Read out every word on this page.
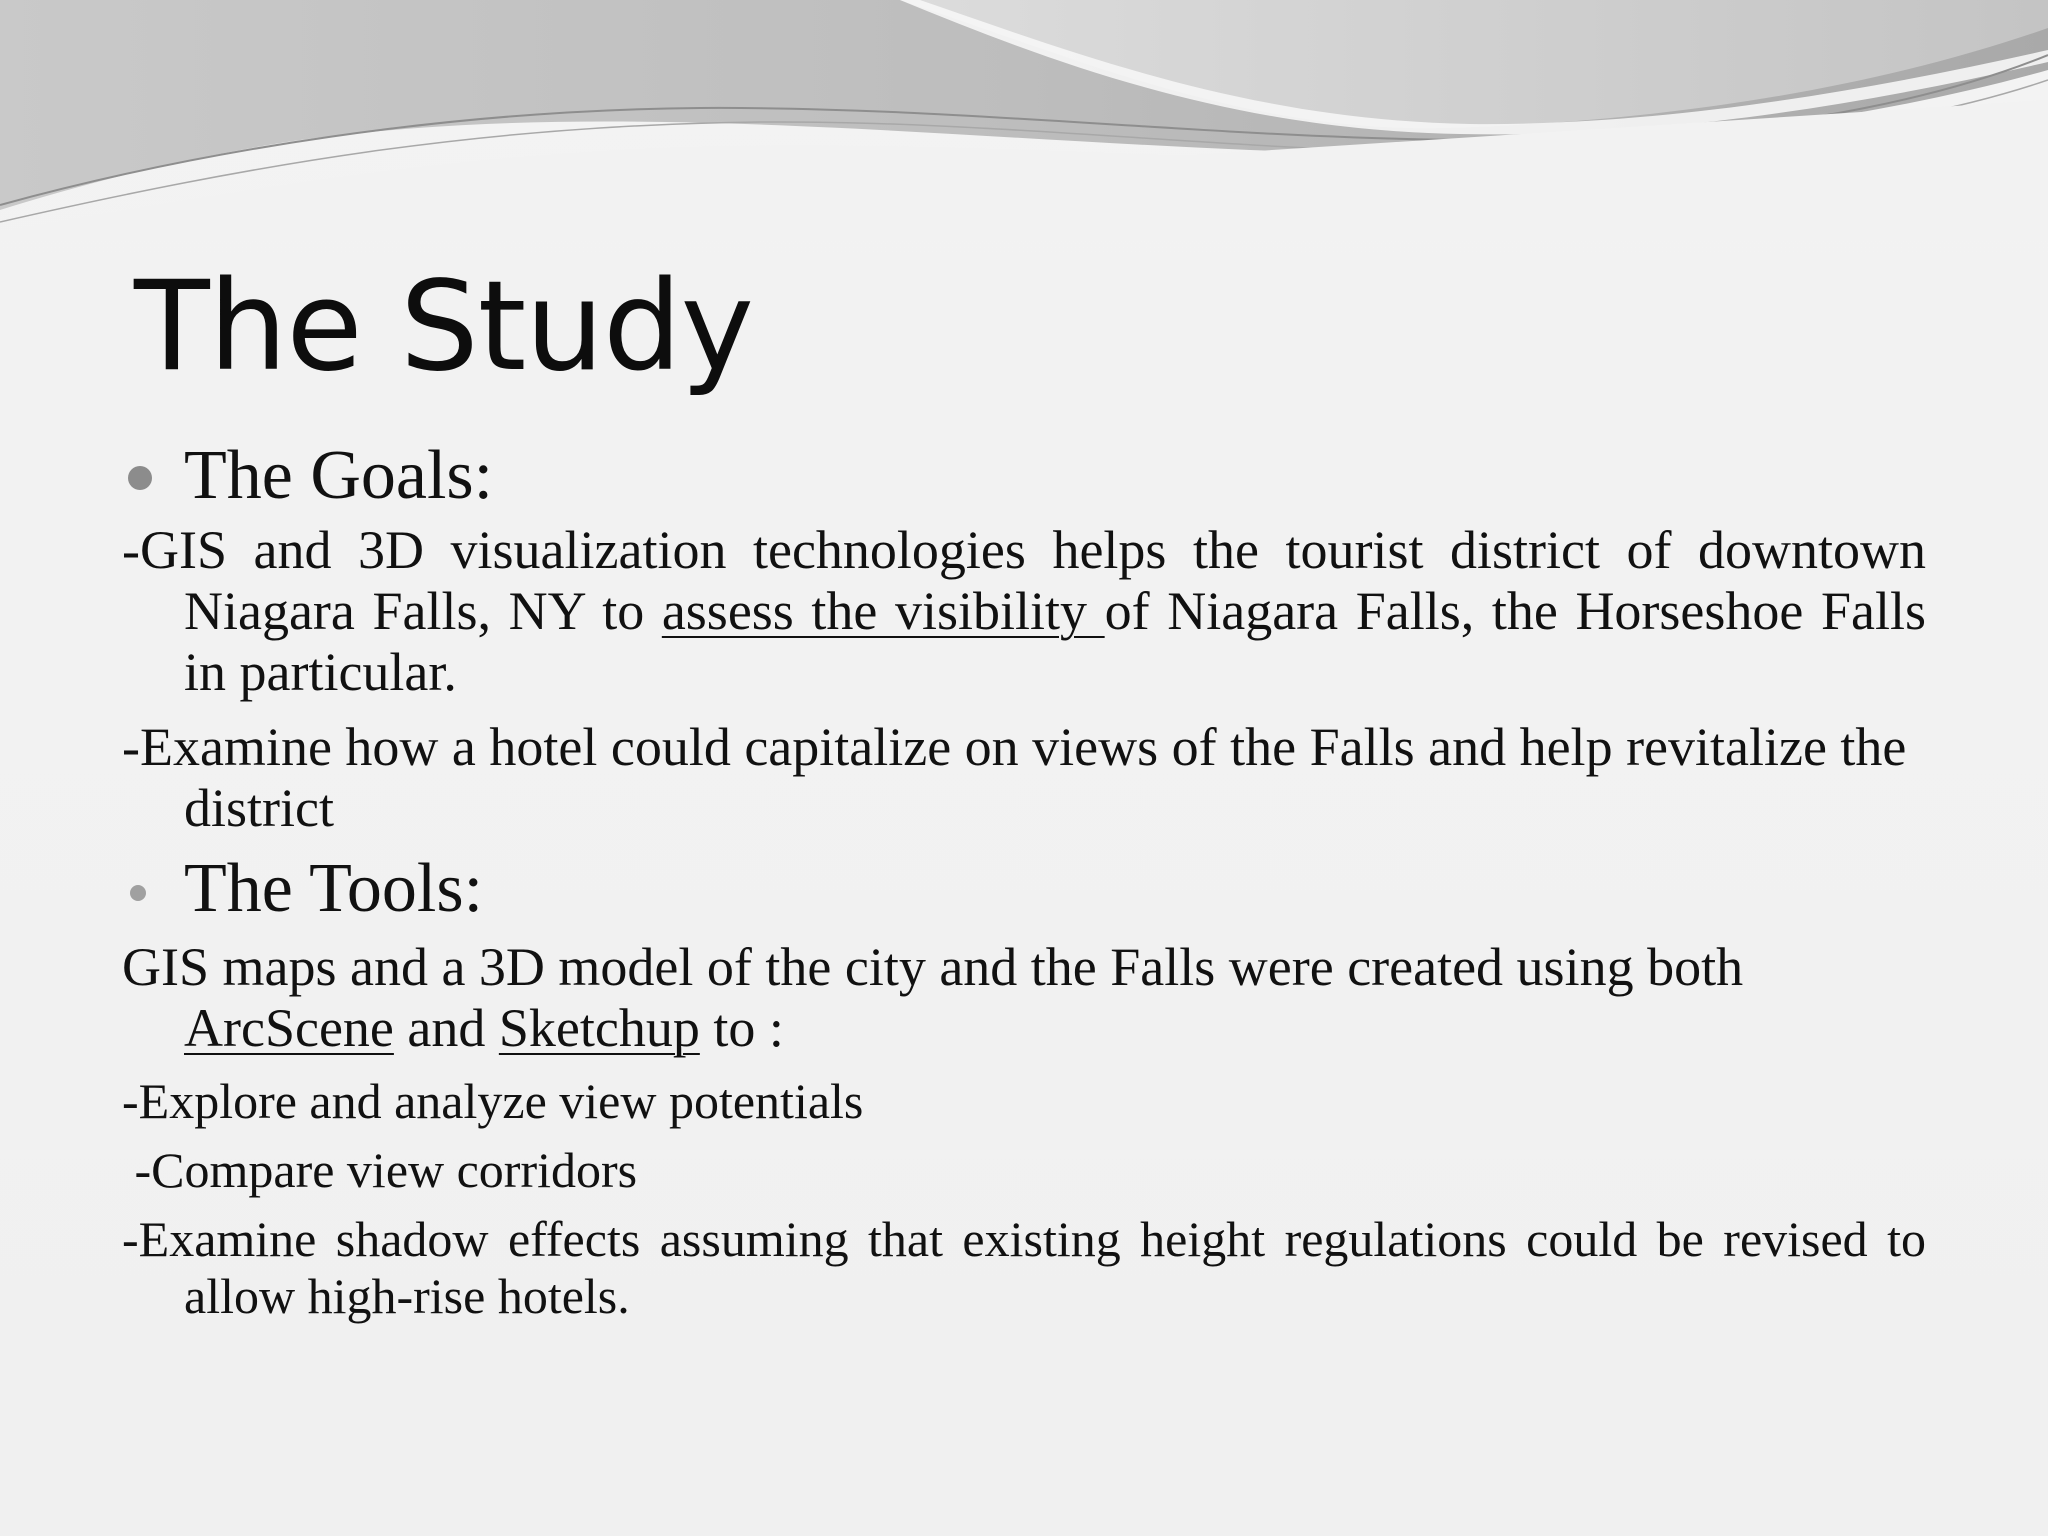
The Study
The Goals:

-GIS and 3D visualization technologies helps the tourist district of downtown Niagara Falls, NY to assess the visibility of Niagara Falls, the Horseshoe Falls in particular.

-Examine how a hotel could capitalize on views of the Falls and help revitalize the district

The Tools:

GIS maps and a 3D model of the city and the Falls were created using both ArcScene and Sketchup to :

-Explore and analyze view potentials

-Compare view corridors

-Examine shadow effects assuming that existing height regulations could be revised to allow high-rise hotels.
